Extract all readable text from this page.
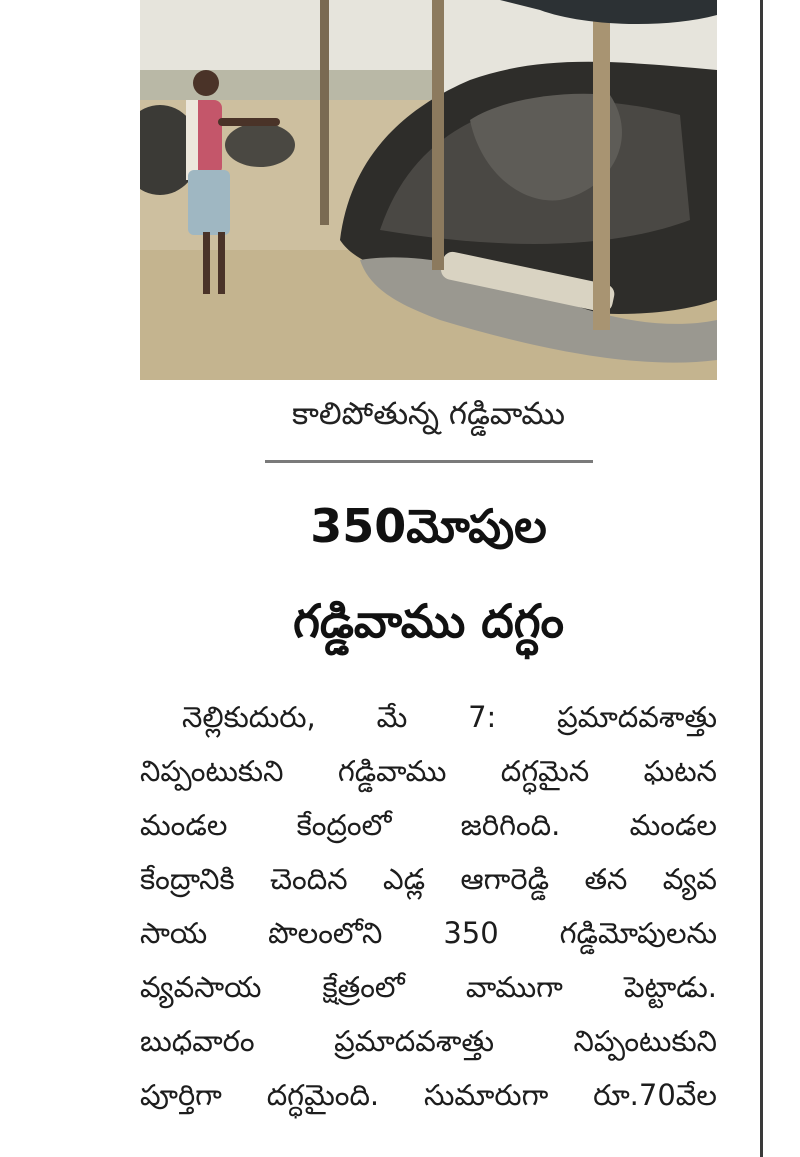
కాలిపోతున్న గడ్డివాము
350మోపుల
గడ్డివాము దగ్ధం
నెల్లికుదురు, మే 7: ప్రమాదవశాత్తు
నిప్పంటుకుని గడ్డివాము దగ్ధమైన ఘటన
మండల కేంద్రంలో జరిగింది. మండల
కేంద్రానికి చెందిన ఎడ్ల ఆగారెడ్డి తన వ్యవ
సాయ పొలంలోని 350 గడ్డిమోపులను
వ్యవసాయ క్షేత్రంలో వాముగా పెట్టాడు.
బుధవారం ప్రమాదవశాత్తు నిప్పంటుకుని
పూర్తిగా దగ్ధమైంది. సుమారుగా రూ.70వేల
